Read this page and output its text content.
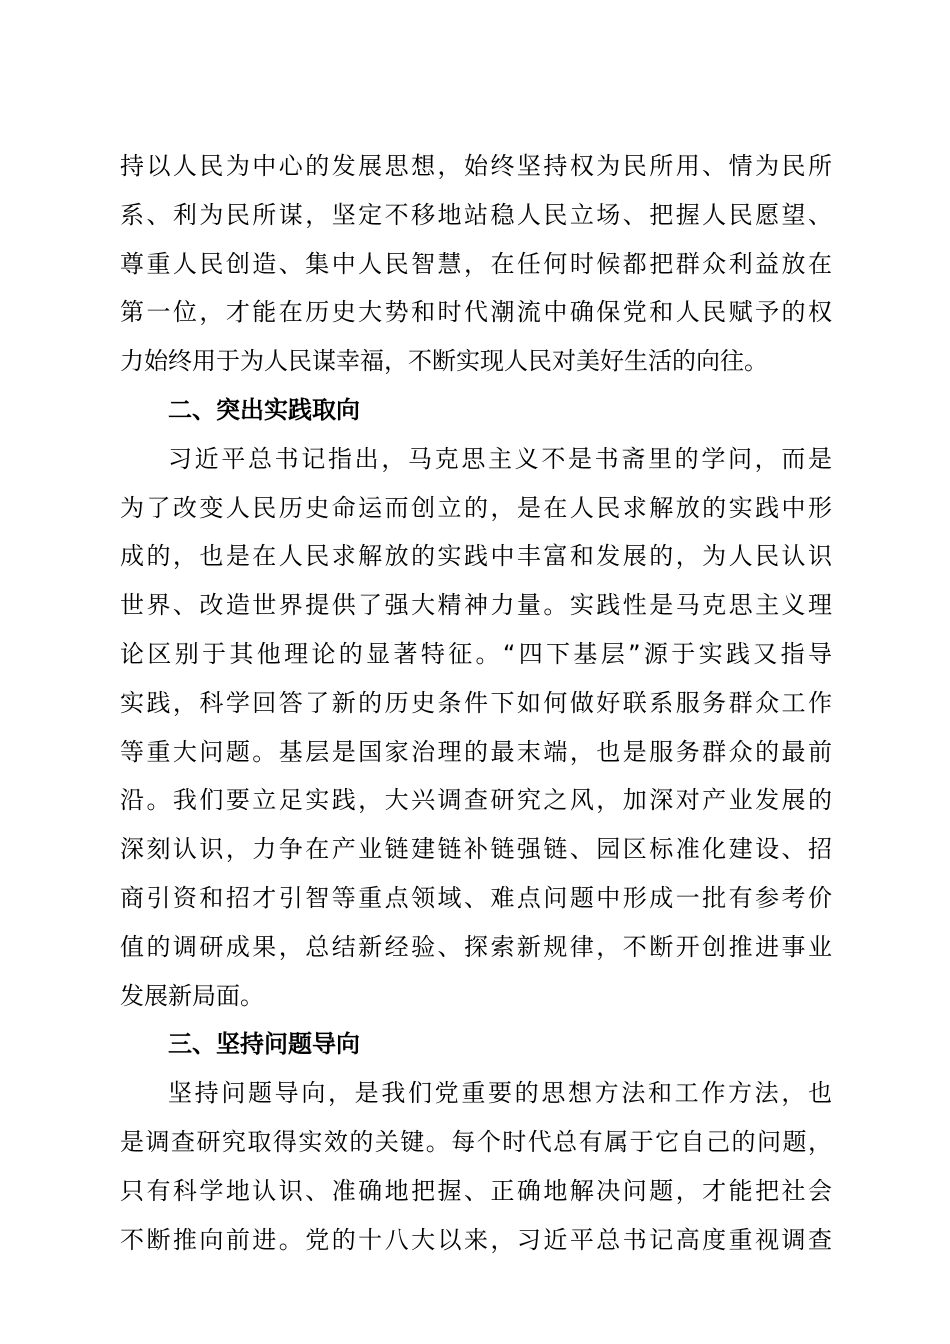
持以人民为中心的发展思想，始终坚持权为民所用、情为民所
系、利为民所谋，坚定不移地站稳人民立场、把握人民愿望、
尊重人民创造、集中人民智慧，在任何时候都把群众利益放在
第一位，才能在历史大势和时代潮流中确保党和人民赋予的权
力始终用于为人民谋幸福，不断实现人民对美好生活的向往。
二、突出实践取向
习近平总书记指出，马克思主义不是书斋里的学问，而是
为了改变人民历史命运而创立的，是在人民求解放的实践中形
成的，也是在人民求解放的实践中丰富和发展的，为人民认识
世界、改造世界提供了强大精神力量。实践性是马克思主义理
论区别于其他理论的显著特征。“四下基层”源于实践又指导
实践，科学回答了新的历史条件下如何做好联系服务群众工作
等重大问题。基层是国家治理的最末端，也是服务群众的最前
沿。我们要立足实践，大兴调查研究之风，加深对产业发展的
深刻认识，力争在产业链建链补链强链、园区标准化建设、招
商引资和招才引智等重点领域、难点问题中形成一批有参考价
值的调研成果，总结新经验、探索新规律，不断开创推进事业
发展新局面。
三、坚持问题导向
坚持问题导向，是我们党重要的思想方法和工作方法，也
是调查研究取得实效的关键。每个时代总有属于它自己的问题，
只有科学地认识、准确地把握、正确地解决问题，才能把社会
不断推向前进。党的十八大以来，习近平总书记高度重视调查
